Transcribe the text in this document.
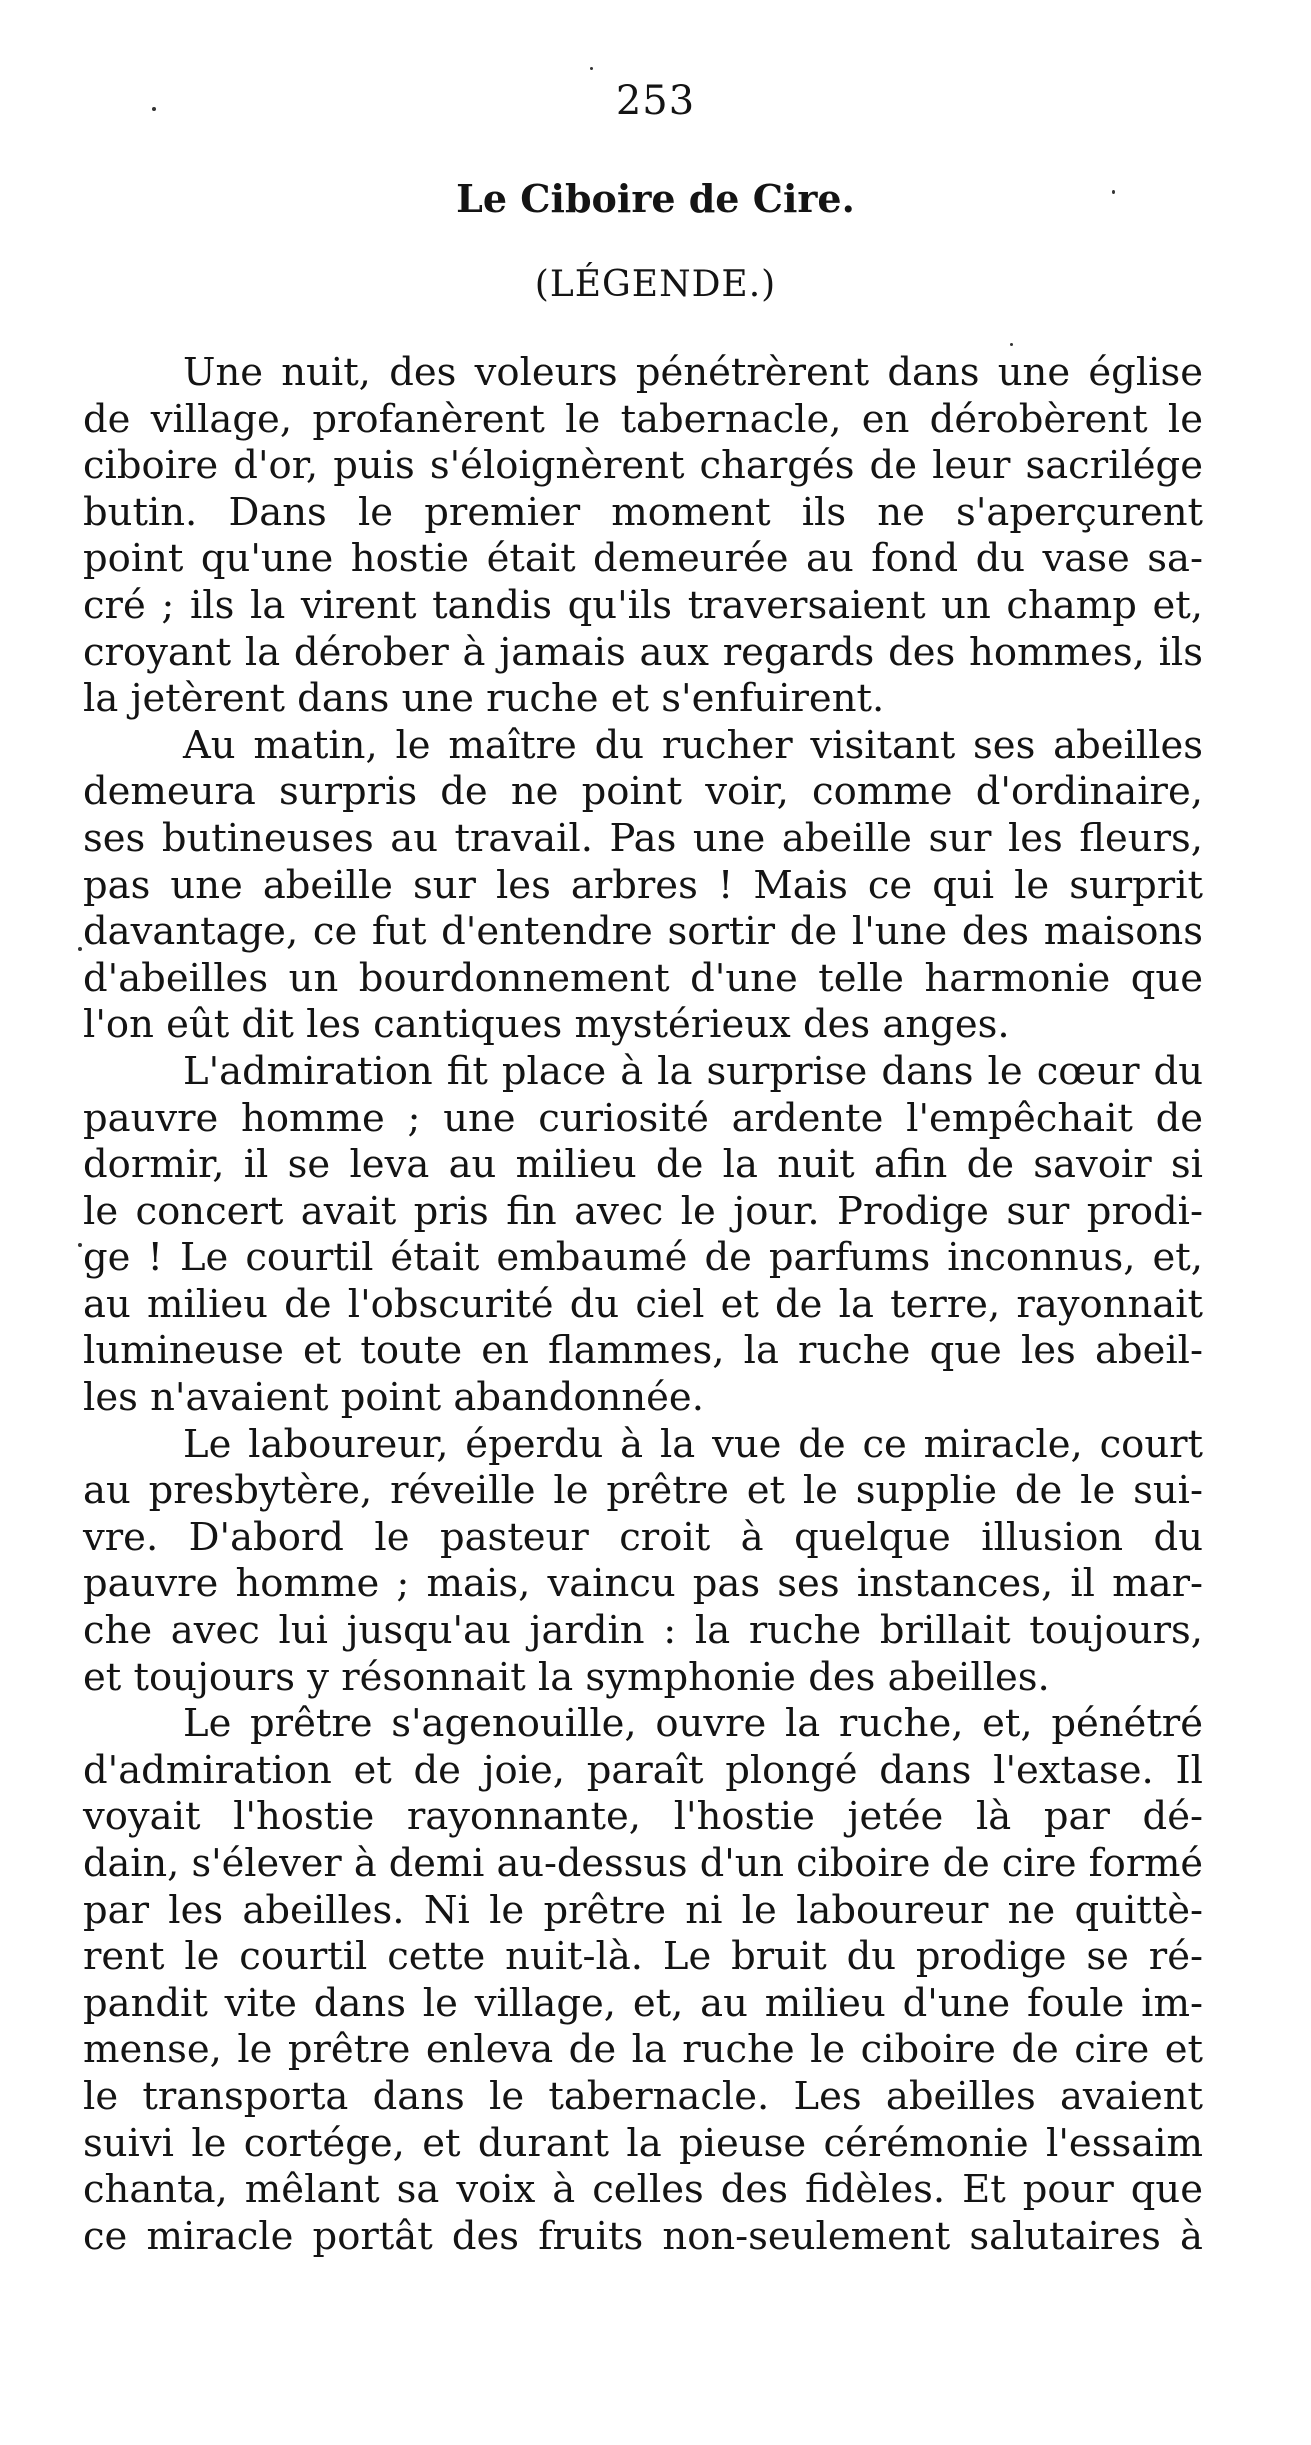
253
Le Ciboire de Cire.
(LÉGENDE.)
Une nuit, des voleurs pénétrèrent dans une église
de village, profanèrent le tabernacle, en dérobèrent le
ciboire d'or, puis s'éloignèrent chargés de leur sacrilége
butin. Dans le premier moment ils ne s'aperçurent
point qu'une hostie était demeurée au fond du vase sa-
cré ; ils la virent tandis qu'ils traversaient un champ et,
croyant la dérober à jamais aux regards des hommes, ils
la jetèrent dans une ruche et s'enfuirent.
Au matin, le maître du rucher visitant ses abeilles
demeura surpris de ne point voir, comme d'ordinaire,
ses butineuses au travail. Pas une abeille sur les fleurs,
pas une abeille sur les arbres ! Mais ce qui le surprit
davantage, ce fut d'entendre sortir de l'une des maisons
d'abeilles un bourdonnement d'une telle harmonie que
l'on eût dit les cantiques mystérieux des anges.
L'admiration fit place à la surprise dans le cœur du
pauvre homme ; une curiosité ardente l'empêchait de
dormir, il se leva au milieu de la nuit afin de savoir si
le concert avait pris fin avec le jour. Prodige sur prodi-
ge ! Le courtil était embaumé de parfums inconnus, et,
au milieu de l'obscurité du ciel et de la terre, rayonnait
lumineuse et toute en flammes, la ruche que les abeil-
les n'avaient point abandonnée.
Le laboureur, éperdu à la vue de ce miracle, court
au presbytère, réveille le prêtre et le supplie de le sui-
vre. D'abord le pasteur croit à quelque illusion du
pauvre homme ; mais, vaincu pas ses instances, il mar-
che avec lui jusqu'au jardin : la ruche brillait toujours,
et toujours y résonnait la symphonie des abeilles.
Le prêtre s'agenouille, ouvre la ruche, et, pénétré
d'admiration et de joie, paraît plongé dans l'extase. Il
voyait l'hostie rayonnante, l'hostie jetée là par dé-
dain, s'élever à demi au-dessus d'un ciboire de cire formé
par les abeilles. Ni le prêtre ni le laboureur ne quittè-
rent le courtil cette nuit-là. Le bruit du prodige se ré-
pandit vite dans le village, et, au milieu d'une foule im-
mense, le prêtre enleva de la ruche le ciboire de cire et
le transporta dans le tabernacle. Les abeilles avaient
suivi le cortége, et durant la pieuse cérémonie l'essaim
chanta, mêlant sa voix à celles des fidèles. Et pour que
ce miracle portât des fruits non-seulement salutaires à
